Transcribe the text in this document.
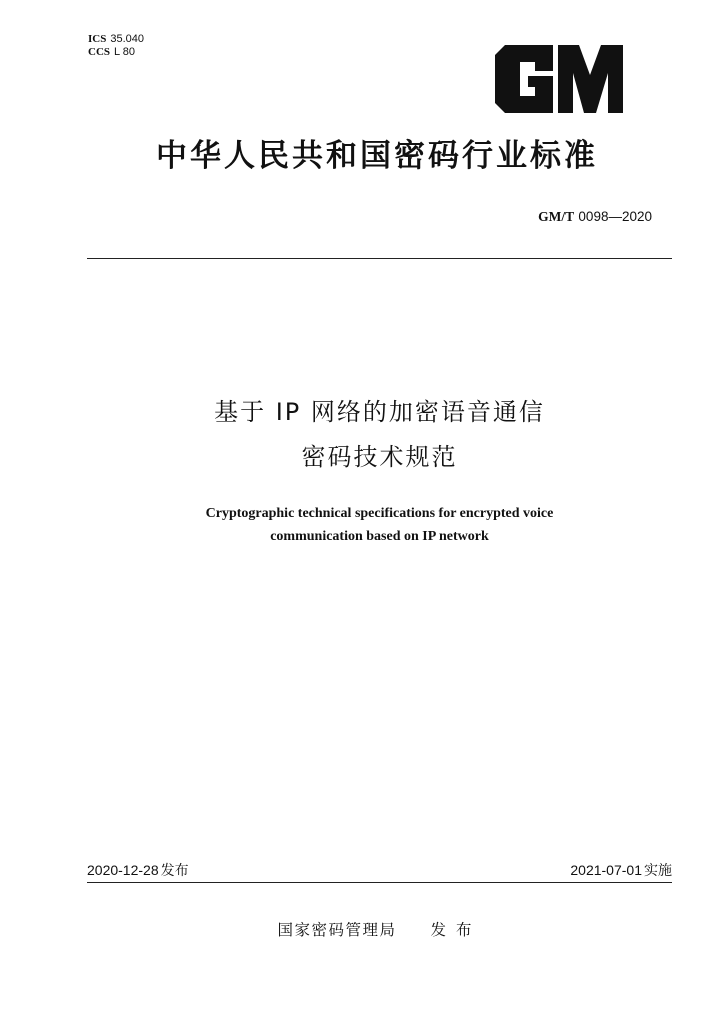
ICS 35.040
CCS L 80
中华人民共和国密码行业标准
GM/T 0098—2020
基于 IP 网络的加密语音通信
密码技术规范
Cryptographic technical specifications for encrypted voice
communication based on IP network
2020-12-28 发布	2021-07-01 实施
国家密码管理局 发布
